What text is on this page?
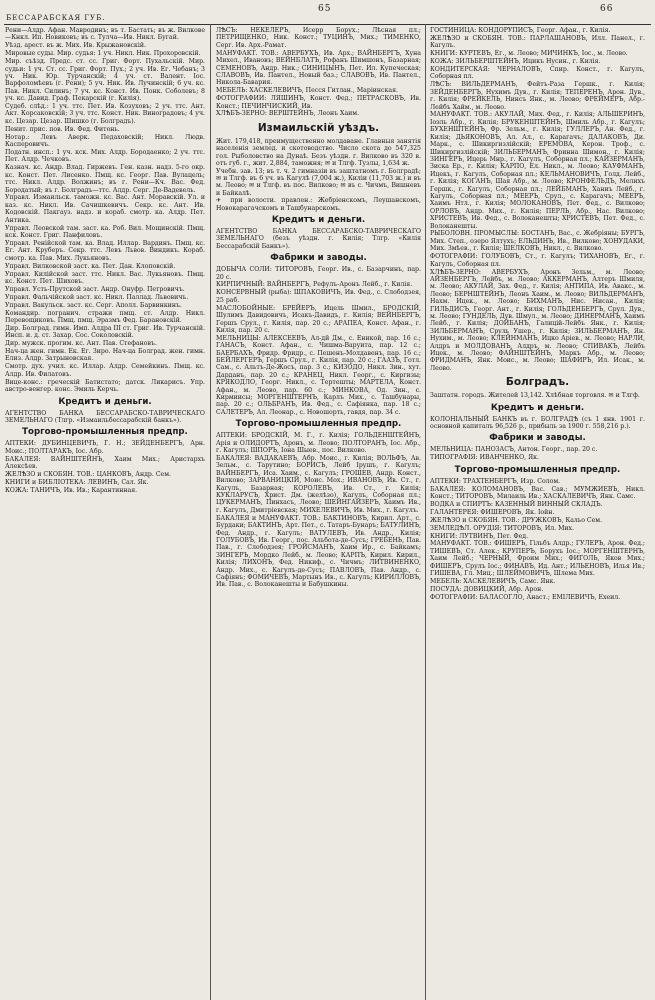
65	66
БЕССАРАБСКАЯ ГУБ.
Рени—Алдр. Афан. Мавродинъ; въ т. Бастать; въ ж. Вилкове—Кнкл. Ип. Новиковъ; въ с. Тулча—Ив. Никл. Бугай.
Уѣзд. арест. въ ж. Мих. Ив. Крыжановскій.
Мировые суды. Мир. судья: 1 уч. Никл. Ник. Прохоровскій.
Мир. съѣзд. Предс. ст. сс. Григ. Форт. Пухальскій. Мир. судьи: 1 уч. Ст. сс. Григ. Форт. Пух.; 2 уч. Ив. Ег. Чебанъ; 3 уч. Ник. Юр. Турчанскій; 4 уч. ст. Валент. Іос. Варфоломѣевъ (г. Рени); 5 уч. Ник. Ив. Лучинскій; 6 уч. кс. Пав. Никл. Силинъ; 7 уч. кс. Конст. Ив. Понк. Соболевъ; 8 уч. кс. Давид. Граф. Пекарскій (г. Килія).
Судеб. слѣд.: 1 уч. ттс. Пет. Ив. Козуховъ; 2 уч. ттс. Ант. Акт. Корсаковскій; 3 уч. ттс. Конст. Ник. Виноградовъ; 4 уч. кс. Цезар. Цезар. Шишко (г. Болградъ).
Пенит. прис. пов. Ив. Фед. Фитонь.
Нотар.: Левъ Аверк. Педаховскій; Никл. Людв. Касперовичъ.
Податн. инсп.: 1 уч. кск. Мих. Алдр. Бородаенко; 2 уч. ттс. Пет. Алдр. Чечковъ.
Казнач. кс. Андр. Влад. Гиржевъ. Ген. казн. надз. 5-го окр. кс. Конст. Пет. Лисенко. Пмщ. кс. Георг. Пав. Вулацель; ттс. Никл. Алдр. Волжинъ; въ г. Рени—Кч. Вас. Фед. Бородатый; въ г. Болградъ—ттс. Алдр. Серг. Де-Вадевель.
Управл. Измаильск. таможн. кс. Вас. Ант. Моравскій. Ул. и каз. кс. Никл. Ив. Сачишкевичъ. Секр. кс. Ант. Ив. Кодовскій. Пакгауз. надз. и кораб. смотр. ка. Алдр. Пет. Антика.
Управл. Леовской там. заст. ка. Роб. Вил. Мощинскій. Пмщ. кск. Конст. Григ. Панфиловъ.
Управл. Ренійской там. ка. Влад. Иллар. Вардинъ. Пмщ. кс. Ег. Ант. Круберъ. Секр. ттс. Левъ Львов. Виндикъ. Кораб. смотр. ка. Пав. Мих. Лукьяновъ.
Управл. Вилковской заст. ка. Пет. Дан. Клоповскій.
Управл. Килійской заст. ттс. Никл. Вас. Лукьяновъ. Пмщ. кс. Конст. Пет. Шиховъ.
Управл. Усть-Прутской заст. Андр. Онуфр. Петровичъ.
Управл. Фальчійской заст. кс. Никл. Паллад. Львовичъ.
Управл. Вакульск. заст. кс. Серг. Аполл. Барвинкинъ.
Командир. погранич. стражи пмщ. ст. Алдр. Никл. Перевощиковъ. Пмщ. пмщ. Эразмъ Фед. Барановскій.
Дир. Болград. гимн. Имп. Алдра III ст. Григ. Ив. Турчанскій. Инсп. и. д. ст. Захар. Сос. Соколовскій.
Дир. мужск. прогим. кс. Ант. Пав. Стефановъ.
Нач-ца жен. гимн. Ек. Ег. Зиро. Нач-ца Болград. жен. гимн. Елиз. Алдр. Затрыновская.
Смотр. дух. учил. кс. Иллар. Алдр. Семейкинъ. Пмщ. кс. Алдр. Ив. Филатовъ.
Вице-конс.: греческій Батистато; датск. Ликарисъ. Упр. австро-венгер. конс. Эмиль Керчь.
Кредитъ и деньги.
АГЕНТСТВО БАНКА БЕССАРАБСКО-ТАВРИЧЕСКАГО ЗЕМЕЛЬНАГО (Тлгр. «Измаильбессарабскій банкъ»).
Торгово-промышленныя предпр.
АПТЕКИ: ДУБИНЦЕВИЧЪ, Г. Н.; ЗЕЙДЕНБЕРГЪ, Арн. Моис.; ПОЛТАРАКЪ, Іос. Абр.
БАКАЛЕЯ: ВАЙНШТЕЙНЪ, Хаим Мих.; Аристархъ Алексѣев.
ЖЕЛѢЗО и СКОБЯН. ТОВ.: ЦАНКОВЪ, Андр. Сем.
КНИГИ и БИБЛІОТЕКА: ЛЕВИНЪ, Сал. Як.
КОЖА: ТАНИЧЪ, Ив. Ив.; Карантинная.
ЛѢСЪ: НЕКЕЛЕРЪ, Исерр Борух.; Лѣсная пл.; ПЕТРИЩЕНКО, Ник. Конст.; ТУЦИНЪ, Мих.; ТИМЕНКО, Серг. Ив. Арх.-Рамат.
МАНУФАКТ. ТОВ.: АВЕРБУХЪ, Ив. Арх.; ВАЙНБЕРГЪ, Хуна Михел., Ивановъ; ВЕЙНБЛАТЪ, Рофанъ Шимшонъ, Базарная; СЕМЕНОВЪ, Андр. Ник.; СИНИЦЫНЪ, Пет. Ил. Купеческая; СЛАВОВЪ, Ив. Пантел., Новый баз.; СЛАВОВЪ, Ив. Пантел., Никола-Бавария.
МЕБЕЛЬ: ХАСКЕЛЕВИЧЪ, Песся Гитлан., Маріинская.
ФОТОГРАФИИ: ЛЯШИНЪ, Конст. Фед.; ПЕТРАСКОВЪ, Ив. Конст.; ПЕЧИНЧИСКИЙ, Ив.
ХЛѢБЪ-ЗЕРНО: ВЕРШТЕЙНЪ, Леонъ Хаим.
Измаильскій уѣздъ.
Жит. 179,418, преимущественно молдаване. Главныя занятія населенія землед. и скотоводство. Число скота до 547,325 гол. Рыболовство на Дунаѣ. Безъ уѣздн. г. Вилково въ 320 в. отъ губ. г., жит. 2,884, таможня; ✉ и Тлгф. Тузлы, 1,634 ж.
Учебн. зав. 13; въ т. ч. 2 гимназіи въ заштатномъ г. Болградѣ; ✉ и Тлгф. въ 6 уч. въ Кагулѣ (7,004 ж.), Киліи (11,703 ж.) и въ м. Леово; ✉ и Тлгф. въ пос. Вилково; ✉ въ с. Чичмъ, Вишневъ и Байкалѣ.
✈ при волости. правлен.: Жебріенскомъ, Леушанскомъ, Новокарагачскомъ и Ташбунарскомъ.
Кредитъ и деньги.
АГЕНТСТВО БАНКА БЕССАРАБСКО-ТАВРИЧЕСКАГО ЗЕМЕЛЬНАГО (безъ уѣздн. г. Килія; Тлгр. «Килія Бессарабскій Банкъ»).
Фабрики и заводы.
ДОБЫЧА СОЛИ: ТИТОРОВЪ, Георг. Ив., с. Базарчинъ, пар. 20 с.
КИРПИЧНЫЙ: ВАЙНБЕРГЪ, Рефулъ-Аронъ Лейб., г. Килія.
КОНСЕРВНЫЙ (рыба): ШПАКОВИЧЪ, Ив. Фед., с. Слободзея, 25 раб.
МАСЛОБОЙНЫЕ: БРЕЙЕРЪ, Ицель Шмил., БРОДСКІЙ, Шулимъ Давидовичъ, Исакъ-Давидъ, г. Килія; ВЕЙНБЕРГЪ, Гершъ Срул., г. Килія, пар. 20 с.; АРАПЕА, Конст. Афан., г. Килія, пар. 20 с.
МЕЛЬНИЦЫ: АЛЕКСЕЕВЪ, Ал-дй Дм., с. Еникой, пар. 16 с.; ГАНАСЪ, Конст. Афан., с. Чишма-Варуита, пар. 12 с.; БАЕРБАХЪ, Фридр. Фридр., с. Пешенъ-Молдавенъ, пар. 16 с.; БЕЙЛЕРГЕРЪ, Гершъ Срул., г. Килія, пар. 20 с.; ГААЗЪ, Готл. Сам., с. Альтъ-Де-Жосъ, пар. 3 с.; КИЗОДО, Никл. Зин., хут. Дарданъ, пар. 20 с.; КРАНЕЦ, Никл. Георг., с. Киргизы; КРЯКОДЛО, Георг. Никл., с. Тертешты; МАРТЕЛА, Конст. Афан., м. Леово, пар. 60 с.; МИНКОВА, Од. Зин., с. Кирмиисы; МОРГЕНШТЕРНЪ, Карлъ Мих., с. Ташбунары, пар. 20 с.; ОЛЬБРАНЪ, Ив. Фед., с. Сафіянка, пар. 18 с.; САЛЕТЕРЪ, Ал. Леонар., с. Новошорть, гавдя, пар. 34 с.
Торгово-промышленныя предпр.
АПТЕКИ: БРОДСКІЙ, М. Г., г. Килія; ГОЛЬДЕНШТЕЙНЪ, Арія и ОЛИДОРТЪ, Аронъ, м. Леово; ПОЛТОРАНЪ, Іос. Абр., г. Кагулъ; ШПОРЪ, Іона Шыев., пос. Вилково.
БАКАЛЕЯ: ВАДАКАЕВЪ, Абр. Моис., г. Килія; ВОЛЬФЪ, Ав. Зельм., с. Тарутино; БОРИСЪ, Лейб Ірушъ, г. Кагулъ; ВАЙНБЕРГЪ, Иса. Хаим., с. Кагулъ; ГРОШЕВ, Андр. Конст., Вилково; ЗАРВАНИЦКІЙ, Моис. Мох.; ИВАНОВЪ, Ив. Ст., г. Кагулъ, Базарная; КОРОЛЕВЪ, Ив. Ст., г. Килія; КУКЛАРУСЪ, Христ. Дм. (желѣзо), Кагулъ, Соборная пл.; ЦУКЕРМАНЪ, Пинхасъ, Леово; ШЕЙНГАЙЗЕРЪ, Хаимъ Ив., г. Кагулъ, Дмитріевская; МИХЕЛЕВИЧЪ, Ив. Мих., г. Кагулъ.
БАКАЛЕЯ и МАНУФАКТ. ТОВ.: БАКТИНОВЪ, Кирил. Арт., с. Бурдаки; БАКТИНЪ, Арт. Пет., с. Татаръ-Бунаръ; БАТУЛИНЪ, Фед. Андр., г. Кагулъ; ВАТУЛЕВЪ, Ив. Андр., Килія; ГОЛУБОВЪ, Ив. Георг., пос. Альбота-де-Сусъ; ГРЕБЕНЬ, Пав. Пав., г. Слободзея; ГРОЙСМАНЪ, Хаим Ир., с. Байкамъ; ЗИНГЕРЪ, Мордко Лейб., м. Леово; КАРПЪ, Кирил. Кирил., Килія; ЛИХОНЪ, Фед. Никиф., с. Чичмъ; ЛИТВИНЕНКО, Андр. Мих., с. Кагулъ-де-Сусъ; ПАВЛОВЪ, Пав. Андр., с. Сафіянъ; ФОМИЧЕВЪ, Мартынъ Ив., с. Кагулъ; КИРИЛЛОВЪ, Ив. Пав., с. Волоканешты и Бабушкины.
ГОСТИНИЦА: КОНДОРУПИСЪ, Георг. Афан., г. Килія.
ЖЕЛѢЗО и СКОБЯН. ТОВ.: ПАРЛАШАНОВЪ, Илл. Панел., г. Кагулъ.
КНИГИ: КУРТЕВЪ, Ег., м. Леово; МИЧИНКЪ, Іос., м. Леово.
КОЖА: ЗИЛЬБЕРШТЕЙНЪ, Ицикъ Нусин., г. Килія.
КОНДИТЕРСКАЯ: ЧЕРНАЛОВЪ, Спир. Конст., г. Кагулъ, Соборная пл.
ЛѢСЪ: ВИЛЬДЕРМАНЪ, Фейтъ-Раза Гершк., г. Килія; ЗЕЙДЕНБЕРГЪ, Нухимъ Дув., г. Килія; ТЕПЕРЕНЪ, Арон. Дув., г. Килія; ФРЕЙКЕЛЬ, Нинсъ Янк., м. Леово; ФРЕЙМЕРЪ, Абр.-Лейбъ Хайм., м. Леово.
МАНУФАКТ. ТОВ.: АКУЛАЙ, Мих. Фед., г. Килія; АЛЬШЕРИНЪ, Іоэль Абр., г. Килія; БРУКЕНШТЕЙНЪ, Шмиль Абр., г. Кагулъ; БУХЕНШТЕЙНЪ, Фр. Зельм., г. Килія; ГУЛЛЕРЪ, Ан. Фед., г. Килія; ДЬЯКОНОВЪ, Ал. Ал., с. Карагачъ; ДАЛАКОВЪ, Ди. Марк., с. Шикиргизлійскій; ЕРЕМОВА, Керон. Троф., с. Шикиргизлійскій; ЗИЛЬБЕРМАНЪ, Фринна Шимон., г. Килія; ЗИНГЕРЪ, Ицерь Мнр., г. Кагулъ, Соборная пл.; КАЙЗЕРМАНЪ, Зиска Ер., г. Килія; КАРПО, Ел. Никл., м. Леово; КАУФМАНЪ, Ицекъ, г. Кагулъ, Соборная пл.; КЕЛЬМАНОВИЧЪ, Голд. Лейб., г. Килія; КОГАНЪ, Шая Абр., м. Леово; КРОНФЕЛЬДЪ, Мелихъ Гершк., г. Кагулъ, Соборная пл.; ЛЕЙБМАНЪ, Ханиъ Лейб., г. Кагулъ, Соборная пл.; МЕЕРЪ, Срул., с. Карагачъ; МЕЕРЪ, Хаимъ Нтл., г. Килія; МОЛОКАНОВЪ, Пет. Фед., с. Вилково; ОРЛОВЪ, Андр. Мих., г. Килія; ПЕРЛЬ, Абр., Нас. Вилково; ХРИСТЕВЪ, Ив. Фед., с. Волоканешты; ХРИСТЕВЪ, Пет. Фед., с. Волоканешты.
РЫБОЛОВН. ПРОМЫСЛЫ: БОСТАНЪ, Вас., с. Жебріяны; БУРГЪ, Мих. Степ., озеро Ялтухъ; ЕЛЬДИНЪ, Ив., Вилково; ХОНУДАКИ, Мих. Змѣев., г. Килія; ШЕЛКОВЪ, Никл., с. Вилково.
ФОТОГРАФІИ: ГОЛУБОВЪ, Ст., г. Кагулъ; ТИХАНОВЪ, Ег., г. Кагулъ, Соборная пл.
ХЛѢБЪ-ЗЕРНО: АВЕРБУХЪ, Аронъ Зельм., м. Леово; АЙЗЕНБЕРГЪ, Лейбъ, м. Леово; АККЕРМАНЪ, Алтеръ Шмиля, м. Леово; АКУЛАЙ, Зах. Фед., г. Килія; АНТИПА, Ив. Авакс., м. Леово; БЕРНШТЕЙНЪ, Леонъ Хаим., м. Леово; ВИЛЬДЕРМАНЪ, Нахм. Ицек., м. Леово; БИХМАНЪ, Нис. Нисан., Килія; ГИЛЬДИСЪ, Георг. Ант., г. Килія; ГОЛЬДЕНБЕРГЪ, Срул. Дув., м. Леово; ГУНДЕЛЬ, Дув. Шмул., м. Леово; ДИНЕРМАНЪ, Хаимъ Лейб., г. Килія; ДОЙБАНЪ, Галицій-Лейбъ Янк., г. Килія; ЗИЛЬБЕРМАНЪ, Сруль Ушер., г. Килія; ЗИЛЬБЕРМАНЪ, Ян. Нухим., м. Леово; КЛЕЙНМАНЪ, Ицко Аріев., м. Леово; НАРЛИ, Алдръ и МОЛДОВАНЪ, Алдръ, м. Леово; СПИВАКЪ, Лейбъ Ицек., м. Леово; ФАЙНШТЕЙНЪ, Маркъ Абр., м. Леово; ФРИДМАНЪ, Янк. Моис., м. Леово; ШАФИРЪ, Ил. Исак., м. Леово.
Болградъ.
Заштатн. городъ. Жителей 13,142. Хлѣбная торговля. ✉ и Тлгф.
Кредитъ и деньги.
КОЛОНІАЛЬНЫЙ БАНКЪ въ г. БОЛГРАДѢ (съ 1 янв. 1901 г. основной капиталъ 96,526 р., прибыль за 1900 г. 558,216 р.).
Фабрики и заводы.
МЕЛЬНИЦА: ПАНОЗАСЪ, Антон. Георг., пар. 20 с.
ТИПОГРАФІЯ: ИВАНЧЕНКО, Як.
Торгово-промышленныя предпр.
АПТЕКИ: ТРАХТЕНБЕРГЪ, Изр. Солом.
БАКАЛЕЯ: КОЛОМАНОВЪ, Вас. Сав.; МУМЖИЕВЪ, Никл. Конст.; ТИТОРОВЪ, Милаиль Ив.; ХАСКАЛЕВИЧЪ, Янк. Самс.
ВОДКА и СПИРТЪ: КАЗЕННЫЙ ВИННЫЙ СКЛАДЪ.
ГАЛАНТЕРЕЯ: ФИШЕРОВЪ, Як. Іойн.
ЖЕЛѢЗО и СКОБЯН. ТОВ.: ДРУЖКОВЪ, Кальо Сем.
ЗЕМЛЕДѢЛ. ОРУДІЯ: ТИТОРОВЪ, Ил. Мих.
КНИГИ: ЛУТВИНЪ, Пет. Фед.
МАНУФАКТ. ТОВ.: ФИШЕРЪ, Гільбъ Алдр.; ГУЛЕРЪ, Арон. Фед.; ТИШЕВЪ, Ст. Алек.; КРУПЕРЪ, Борухъ Іос.; МОРГЕНШТЕРНЪ, Хаим Лейб.; ЧЕРНЫЙ, Фроим Мих.; ФИГОЛЬ, Яков Мих.; ФИШЕРЪ, Срулъ Іос.; ФИНАВЪ, Ид. Ант.; ИЛЬЕНОВЪ, Илья Ив.; ГИШЕВА, Гл. Миц.; ШЛЕЙМОВИЧЪ, Шлема Мих.
МЕБЕЛЬ: ХАСКЕЛЕВИЧЪ, Самс. Янк.
ПОСУДА: ДОВИЦКИЙ, Абр. Арон.
ФОТОГРАФІИ: БАЛАСОГЛО, Анаст.; ЕМІЛЕВИЧЪ, Ехеил.
